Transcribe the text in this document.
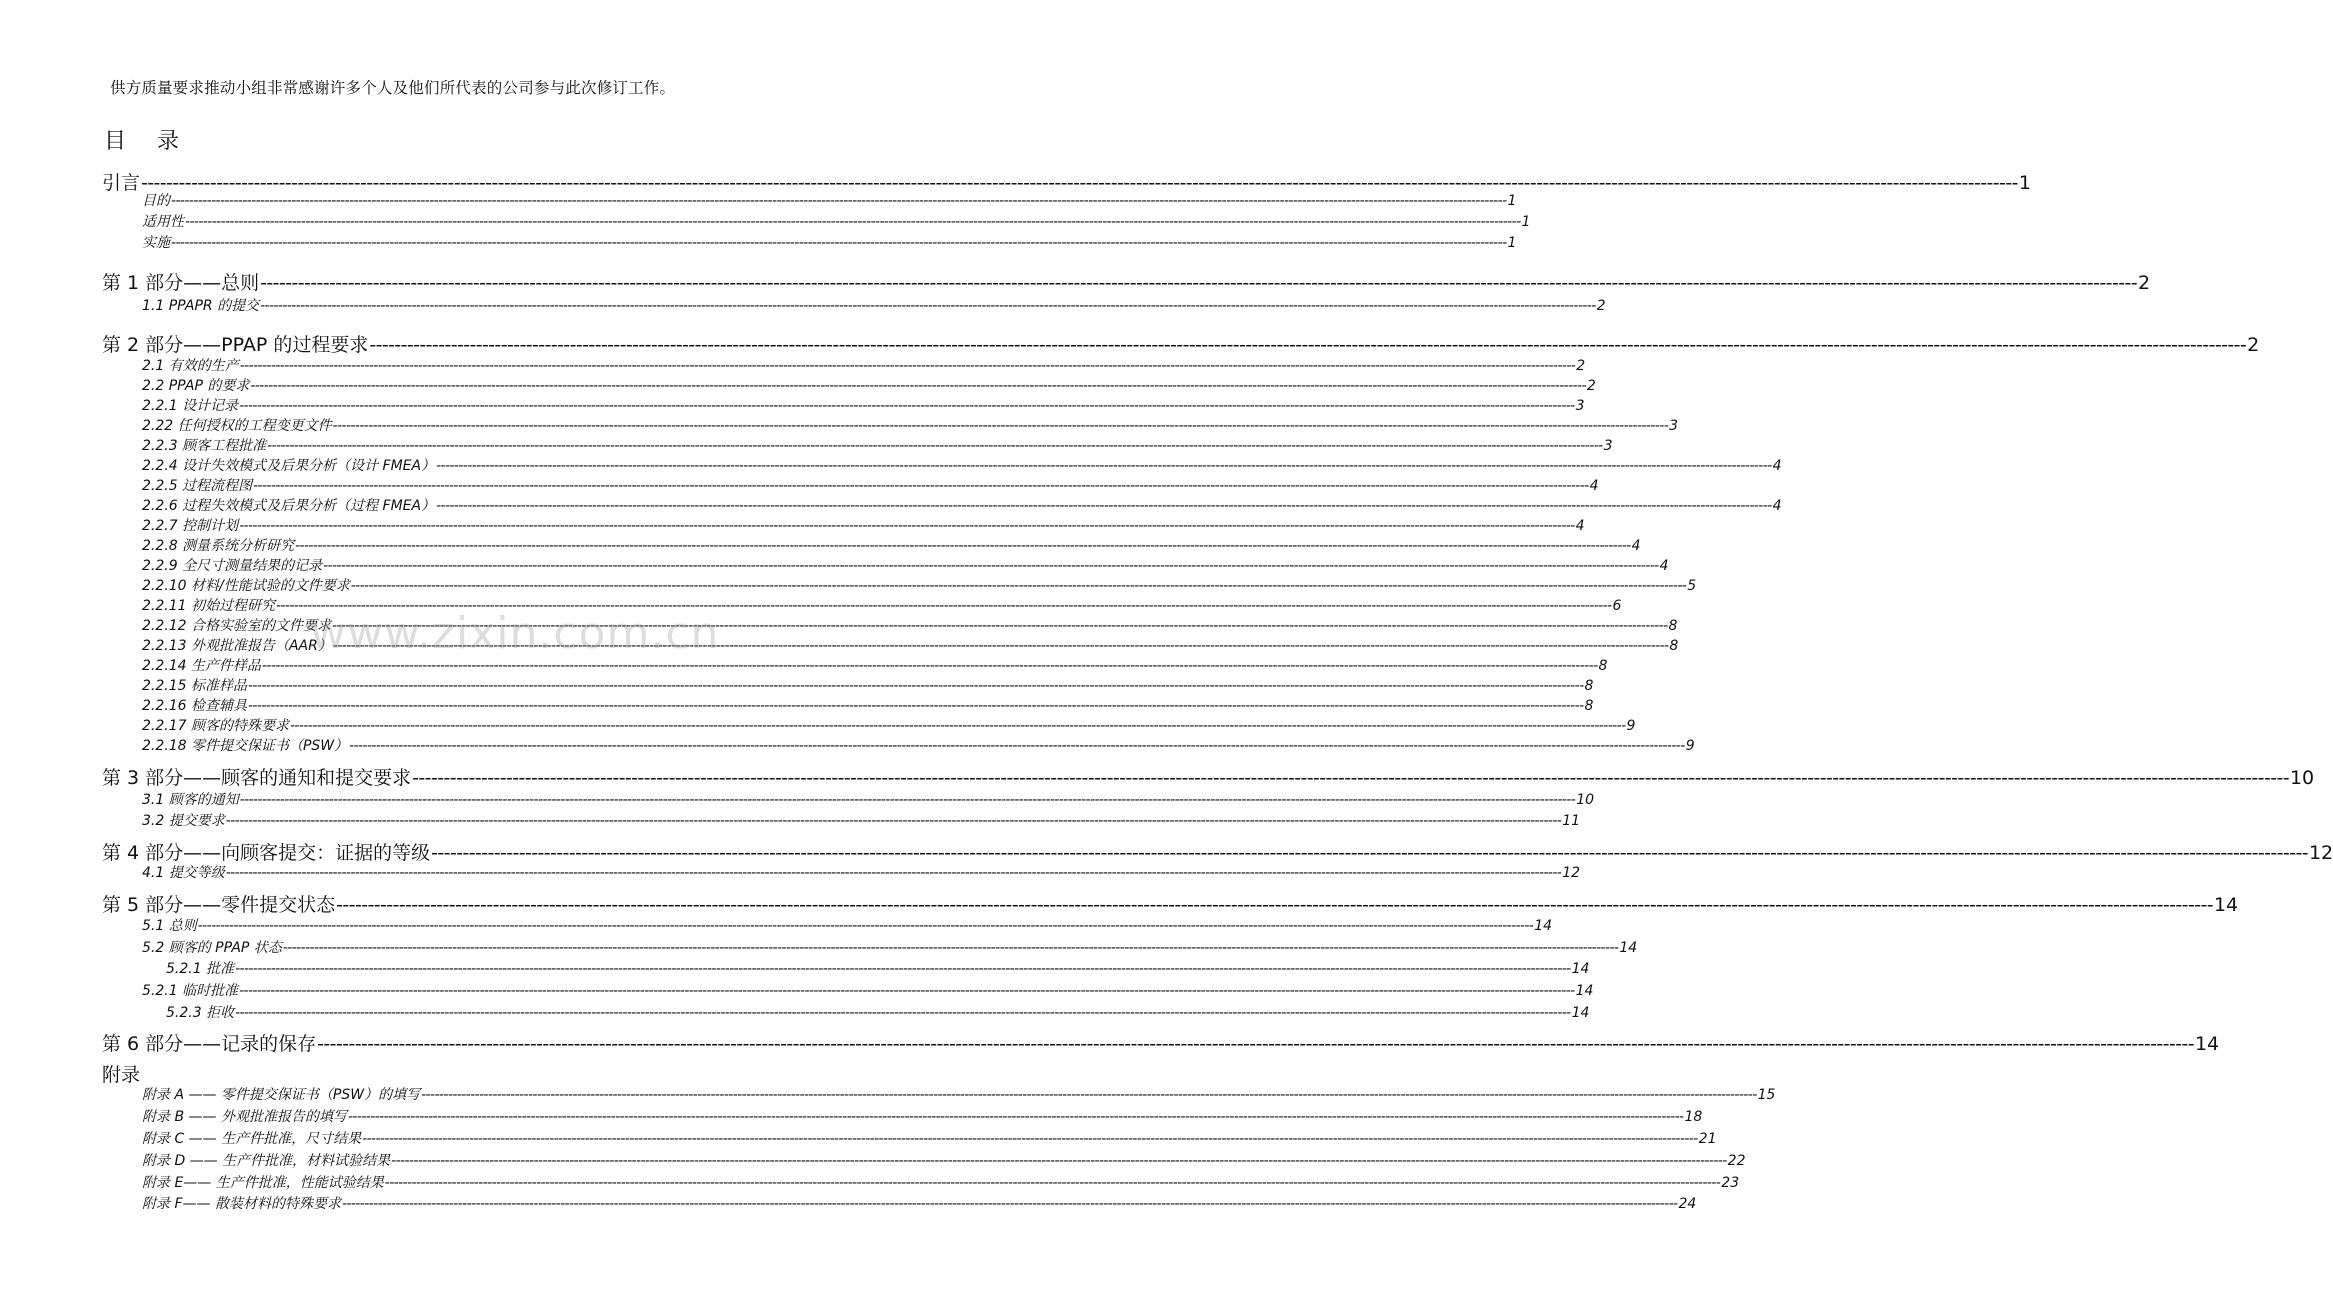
供方质量要求推动小组非常感谢许多个人及他们所代表的公司参与此次修订工作。
目 录
引言 ------------------------------------------------------------------------------------------------------------------------------------------------------------------------------------------------------------------------------------------------------------------------------------------------------------ 1
目的 ------------------------------------------------------------------------------------------------------------------------------------------------------------------------------------------------------------------------------------------------------------------------------------------------------------ 1
适用性 ------------------------------------------------------------------------------------------------------------------------------------------------------------------------------------------------------------------------------------------------------------------------------------------------------------ 1
实施 ------------------------------------------------------------------------------------------------------------------------------------------------------------------------------------------------------------------------------------------------------------------------------------------------------------ 1
第 1 部分——总则 ------------------------------------------------------------------------------------------------------------------------------------------------------------------------------------------------------------------------------------------------------------------------------------------------------------ 2
1.1 PPAPR 的提交 ------------------------------------------------------------------------------------------------------------------------------------------------------------------------------------------------------------------------------------------------------------------------------------------------------------ 2
第 2 部分——PPAP 的过程要求 ------------------------------------------------------------------------------------------------------------------------------------------------------------------------------------------------------------------------------------------------------------------------------------------------------------ 2
2.1 有效的生产 ------------------------------------------------------------------------------------------------------------------------------------------------------------------------------------------------------------------------------------------------------------------------------------------------------------ 2
2.2 PPAP 的要求 ------------------------------------------------------------------------------------------------------------------------------------------------------------------------------------------------------------------------------------------------------------------------------------------------------------ 2
2.2.1 设计记录 ------------------------------------------------------------------------------------------------------------------------------------------------------------------------------------------------------------------------------------------------------------------------------------------------------------ 3
2.22 任何授权的工程变更文件 ------------------------------------------------------------------------------------------------------------------------------------------------------------------------------------------------------------------------------------------------------------------------------------------------------------ 3
2.2.3 顾客工程批准 ------------------------------------------------------------------------------------------------------------------------------------------------------------------------------------------------------------------------------------------------------------------------------------------------------------ 3
2.2.4 设计失效模式及后果分析（设计 FMEA） ------------------------------------------------------------------------------------------------------------------------------------------------------------------------------------------------------------------------------------------------------------------------------------------------------------ 4
2.2.5 过程流程图 ------------------------------------------------------------------------------------------------------------------------------------------------------------------------------------------------------------------------------------------------------------------------------------------------------------ 4
2.2.6 过程失效模式及后果分析（过程 FMEA） ------------------------------------------------------------------------------------------------------------------------------------------------------------------------------------------------------------------------------------------------------------------------------------------------------------ 4
2.2.7 控制计划 ------------------------------------------------------------------------------------------------------------------------------------------------------------------------------------------------------------------------------------------------------------------------------------------------------------ 4
2.2.8 测量系统分析研究 ------------------------------------------------------------------------------------------------------------------------------------------------------------------------------------------------------------------------------------------------------------------------------------------------------------ 4
2.2.9 全尺寸测量结果的记录 ------------------------------------------------------------------------------------------------------------------------------------------------------------------------------------------------------------------------------------------------------------------------------------------------------------ 4
2.2.10 材料/性能试验的文件要求 ------------------------------------------------------------------------------------------------------------------------------------------------------------------------------------------------------------------------------------------------------------------------------------------------------------ 5
2.2.11 初始过程研究 ------------------------------------------------------------------------------------------------------------------------------------------------------------------------------------------------------------------------------------------------------------------------------------------------------------ 6
2.2.12 合格实验室的文件要求 ------------------------------------------------------------------------------------------------------------------------------------------------------------------------------------------------------------------------------------------------------------------------------------------------------------ 8
2.2.13 外观批准报告（AAR） ------------------------------------------------------------------------------------------------------------------------------------------------------------------------------------------------------------------------------------------------------------------------------------------------------------ 8
2.2.14 生产件样品 ------------------------------------------------------------------------------------------------------------------------------------------------------------------------------------------------------------------------------------------------------------------------------------------------------------ 8
2.2.15 标准样品 ------------------------------------------------------------------------------------------------------------------------------------------------------------------------------------------------------------------------------------------------------------------------------------------------------------ 8
2.2.16 检查辅具 ------------------------------------------------------------------------------------------------------------------------------------------------------------------------------------------------------------------------------------------------------------------------------------------------------------ 8
2.2.17 顾客的特殊要求 ------------------------------------------------------------------------------------------------------------------------------------------------------------------------------------------------------------------------------------------------------------------------------------------------------------ 9
2.2.18 零件提交保证书（PSW） ------------------------------------------------------------------------------------------------------------------------------------------------------------------------------------------------------------------------------------------------------------------------------------------------------------ 9
第 3 部分——顾客的通知和提交要求 ------------------------------------------------------------------------------------------------------------------------------------------------------------------------------------------------------------------------------------------------------------------------------------------------------------ 10
3.1 顾客的通知 ------------------------------------------------------------------------------------------------------------------------------------------------------------------------------------------------------------------------------------------------------------------------------------------------------------ 10
3.2 提交要求 ------------------------------------------------------------------------------------------------------------------------------------------------------------------------------------------------------------------------------------------------------------------------------------------------------------ 11
第 4 部分——向顾客提交：证据的等级 ------------------------------------------------------------------------------------------------------------------------------------------------------------------------------------------------------------------------------------------------------------------------------------------------------------ 12
4.1 提交等级 ------------------------------------------------------------------------------------------------------------------------------------------------------------------------------------------------------------------------------------------------------------------------------------------------------------ 12
第 5 部分——零件提交状态 ------------------------------------------------------------------------------------------------------------------------------------------------------------------------------------------------------------------------------------------------------------------------------------------------------------ 14
5.1 总则 ------------------------------------------------------------------------------------------------------------------------------------------------------------------------------------------------------------------------------------------------------------------------------------------------------------ 14
5.2 顾客的 PPAP 状态 ------------------------------------------------------------------------------------------------------------------------------------------------------------------------------------------------------------------------------------------------------------------------------------------------------------ 14
5.2.1 批准 ------------------------------------------------------------------------------------------------------------------------------------------------------------------------------------------------------------------------------------------------------------------------------------------------------------ 14
5.2.1 临时批准 ------------------------------------------------------------------------------------------------------------------------------------------------------------------------------------------------------------------------------------------------------------------------------------------------------------ 14
5.2.3 拒收 ------------------------------------------------------------------------------------------------------------------------------------------------------------------------------------------------------------------------------------------------------------------------------------------------------------ 14
第 6 部分——记录的保存 ------------------------------------------------------------------------------------------------------------------------------------------------------------------------------------------------------------------------------------------------------------------------------------------------------------ 14
附录
附录 A —— 零件提交保证书（PSW）的填写 ------------------------------------------------------------------------------------------------------------------------------------------------------------------------------------------------------------------------------------------------------------------------------------------------------------ 15
附录 B —— 外观批准报告的填写 ------------------------------------------------------------------------------------------------------------------------------------------------------------------------------------------------------------------------------------------------------------------------------------------------------------ 18
附录 C —— 生产件批准，尺寸结果 ------------------------------------------------------------------------------------------------------------------------------------------------------------------------------------------------------------------------------------------------------------------------------------------------------------ 21
附录 D —— 生产件批准，材料试验结果 ------------------------------------------------------------------------------------------------------------------------------------------------------------------------------------------------------------------------------------------------------------------------------------------------------------ 22
附录 E—— 生产件批准，性能试验结果 ------------------------------------------------------------------------------------------------------------------------------------------------------------------------------------------------------------------------------------------------------------------------------------------------------------ 23
附录 F—— 散装材料的特殊要求 ------------------------------------------------------------------------------------------------------------------------------------------------------------------------------------------------------------------------------------------------------------------------------------------------------------ 24
www.zixin.com.cn
